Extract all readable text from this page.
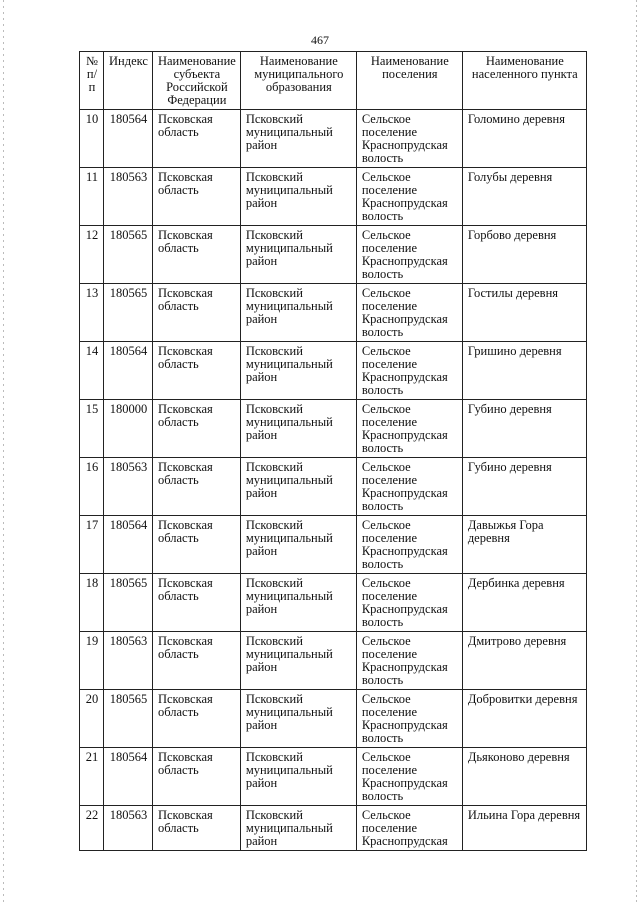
467
№ п/п	Индекс	Наименование субъекта Российской Федерации	Наименование муниципального образования	Наименование поселения	Наименование населенного пункта
10	180564	Псковская область	Псковский муниципальный район	Сельское поселение Краснопрудская волость	Голомино деревня
11	180563	Псковская область	Псковский муниципальный район	Сельское поселение Краснопрудская волость	Голубы деревня
12	180565	Псковская область	Псковский муниципальный район	Сельское поселение Краснопрудская волость	Горбово деревня
13	180565	Псковская область	Псковский муниципальный район	Сельское поселение Краснопрудская волость	Гостилы деревня
14	180564	Псковская область	Псковский муниципальный район	Сельское поселение Краснопрудская волость	Гришино деревня
15	180000	Псковская область	Псковский муниципальный район	Сельское поселение Краснопрудская волость	Губино деревня
16	180563	Псковская область	Псковский муниципальный район	Сельское поселение Краснопрудская волость	Губино деревня
17	180564	Псковская область	Псковский муниципальный район	Сельское поселение Краснопрудская волость	Давыжья Гора деревня
18	180565	Псковская область	Псковский муниципальный район	Сельское поселение Краснопрудская волость	Дербинка деревня
19	180563	Псковская область	Псковский муниципальный район	Сельское поселение Краснопрудская волость	Дмитрово деревня
20	180565	Псковская область	Псковский муниципальный район	Сельское поселение Краснопрудская волость	Добровитки деревня
21	180564	Псковская область	Псковский муниципальный район	Сельское поселение Краснопрудская волость	Дьяконово деревня
22	180563	Псковская область	Псковский муниципальный район	Сельское поселение Краснопрудская	Ильина Гора деревня
